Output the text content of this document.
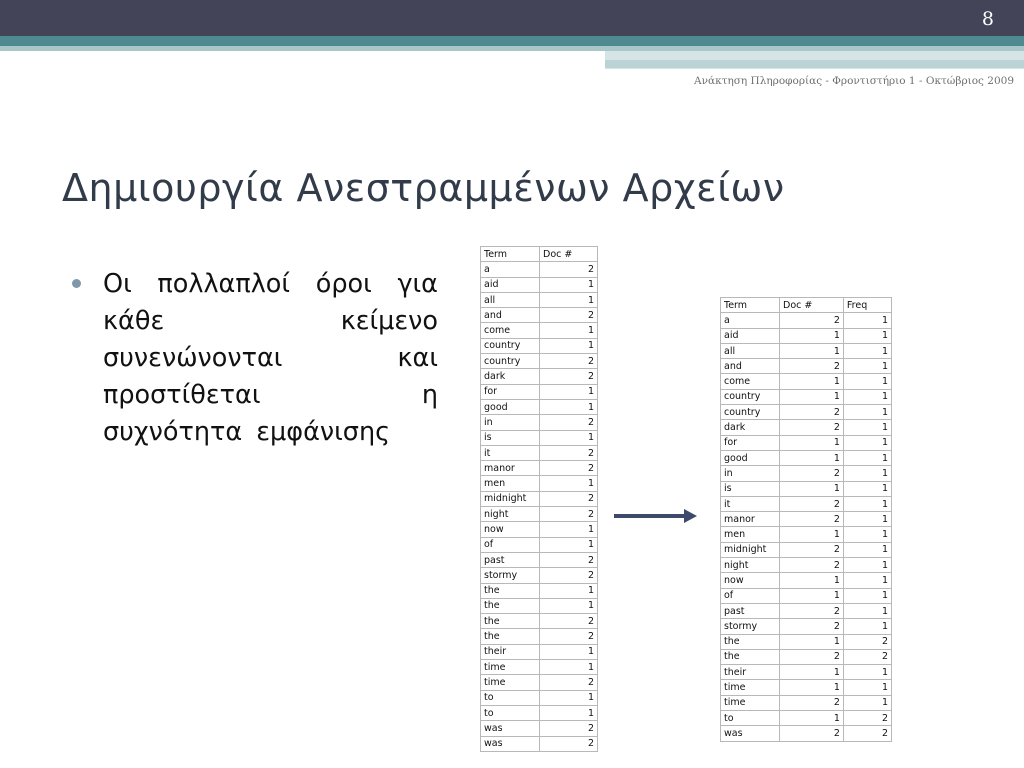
8
Ανάκτηση Πληροφορίας - Φροντιστήριο 1 - Οκτώβριος 2009
Δημιουργία Ανεστραμμένων Αρχείων
Οι πολλαπλοί όροι για κάθε κείμενο συνενώνονται και προστίθεται η συχνότητα εμφάνισης
Term	Doc #
a	2
aid	1
all	1
and	2
come	1
country	1
country	2
dark	2
for	1
good	1
in	2
is	1
it	2
manor	2
men	1
midnight	2
night	2
now	1
of	1
past	2
stormy	2
the	1
the	1
the	2
the	2
their	1
time	1
time	2
to	1
to	1
was	2
was	2
Term	Doc #	Freq
a	2	1
aid	1	1
all	1	1
and	2	1
come	1	1
country	1	1
country	2	1
dark	2	1
for	1	1
good	1	1
in	2	1
is	1	1
it	2	1
manor	2	1
men	1	1
midnight	2	1
night	2	1
now	1	1
of	1	1
past	2	1
stormy	2	1
the	1	2
the	2	2
their	1	1
time	1	1
time	2	1
to	1	2
was	2	2
